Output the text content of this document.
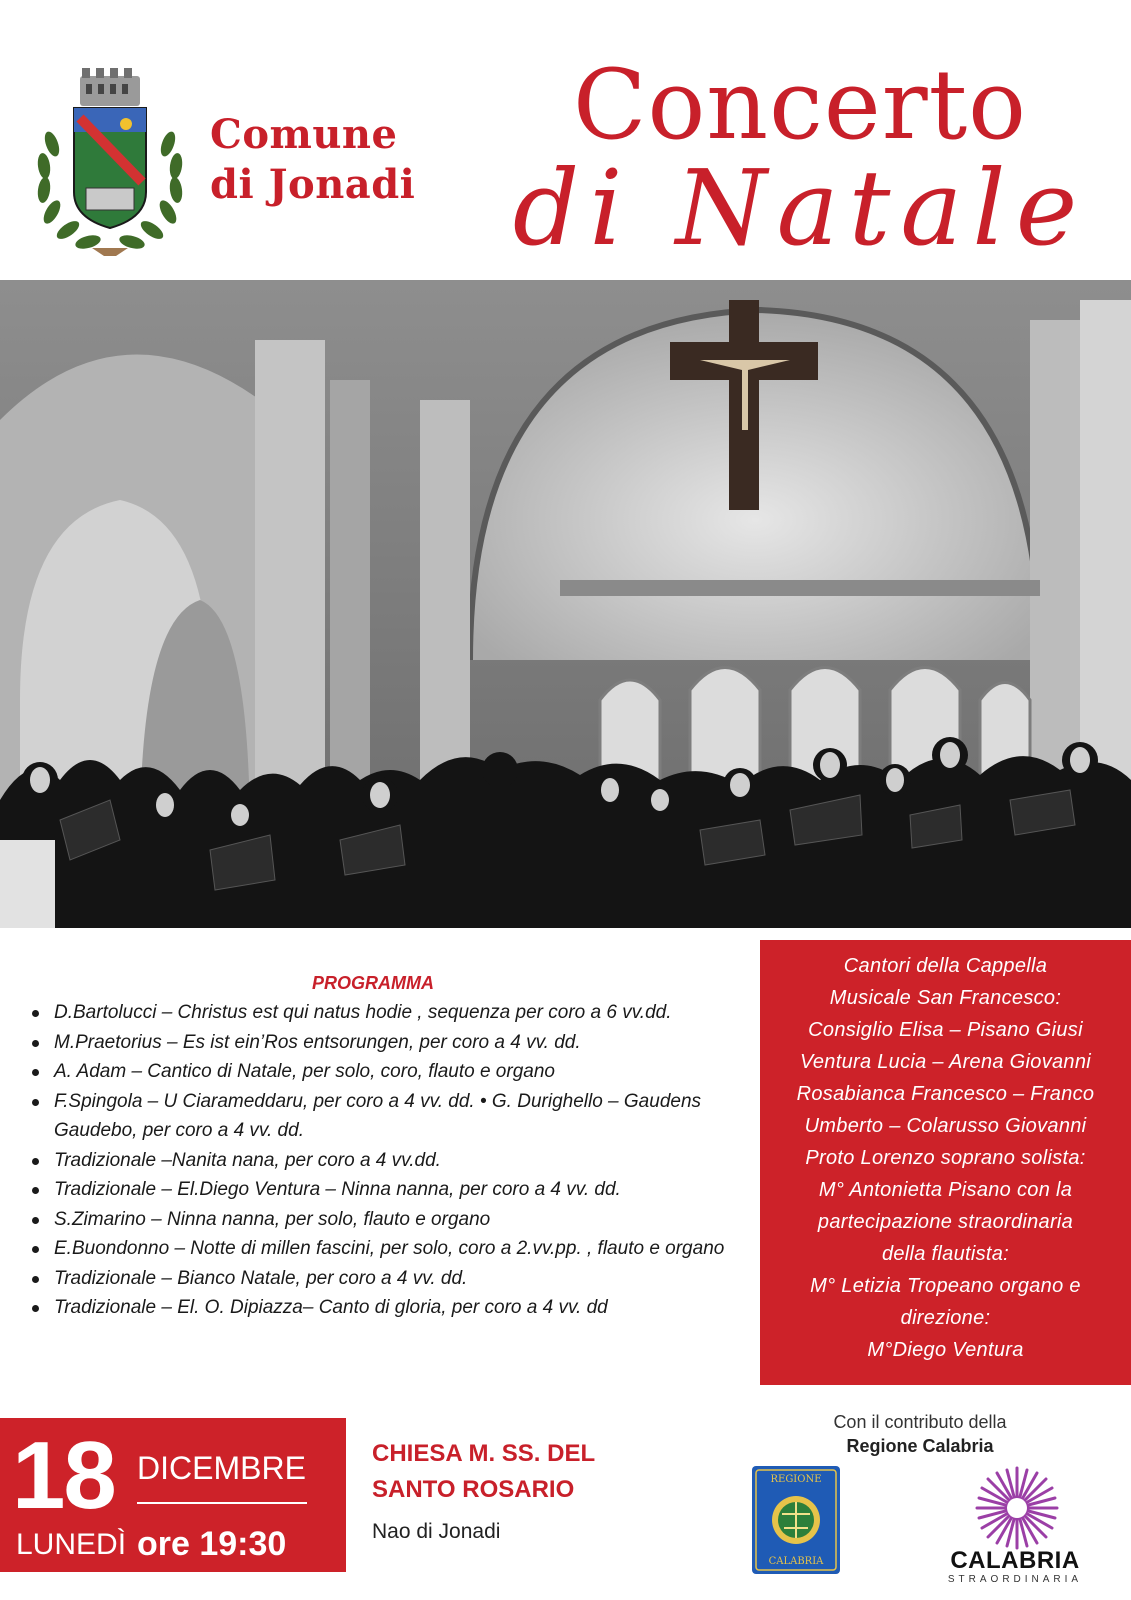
Comune
di Jonadi
Concerto
di Natale
PROGRAMMA
D.Bartolucci – Christus est qui natus hodie , sequenza per coro a 6 vv.dd.
M.Praetorius – Es ist ein’Ros entsorungen, per coro a 4 vv. dd.
A. Adam – Cantico di Natale, per solo, coro, flauto e organo
F.Spingola – U Ciarameddaru, per coro a 4 vv. dd. • G. Durighello – Gaudens Gaudebo, per coro a 4 vv. dd.
Tradizionale –Nanita nana, per coro a 4 vv.dd.
Tradizionale – El.Diego Ventura – Ninna nanna, per coro a 4 vv. dd.
S.Zimarino – Ninna nanna, per solo, flauto e organo
E.Buondonno – Notte di millen fascini, per solo, coro a 2.vv.pp. , flauto e organo
Tradizionale – Bianco Natale, per coro a 4 vv. dd.
Tradizionale – El. O. Dipiazza– Canto di gloria, per coro a 4 vv. dd

Cantori della Cappella

Musicale San Francesco:

Consiglio Elisa – Pisano Giusi

Ventura Lucia – Arena Giovanni

Rosabianca Francesco – Franco

Umberto – Colarusso Giovanni

Proto Lorenzo soprano solista:

M° Antonietta Pisano con la

partecipazione straordinaria

della flautista:

M° Letizia Tropeano organo e

direzione:

M°Diego Ventura

18
LUNEDÌ
DICEMBRE
ore 19:30
CHIESA M. SS. DEL
SANTO ROSARIO
Nao di Jonadi
Con il contributo della
Regione Calabria
REGIONE
CALABRIA	CALABRIA
STRAORDINARIA
